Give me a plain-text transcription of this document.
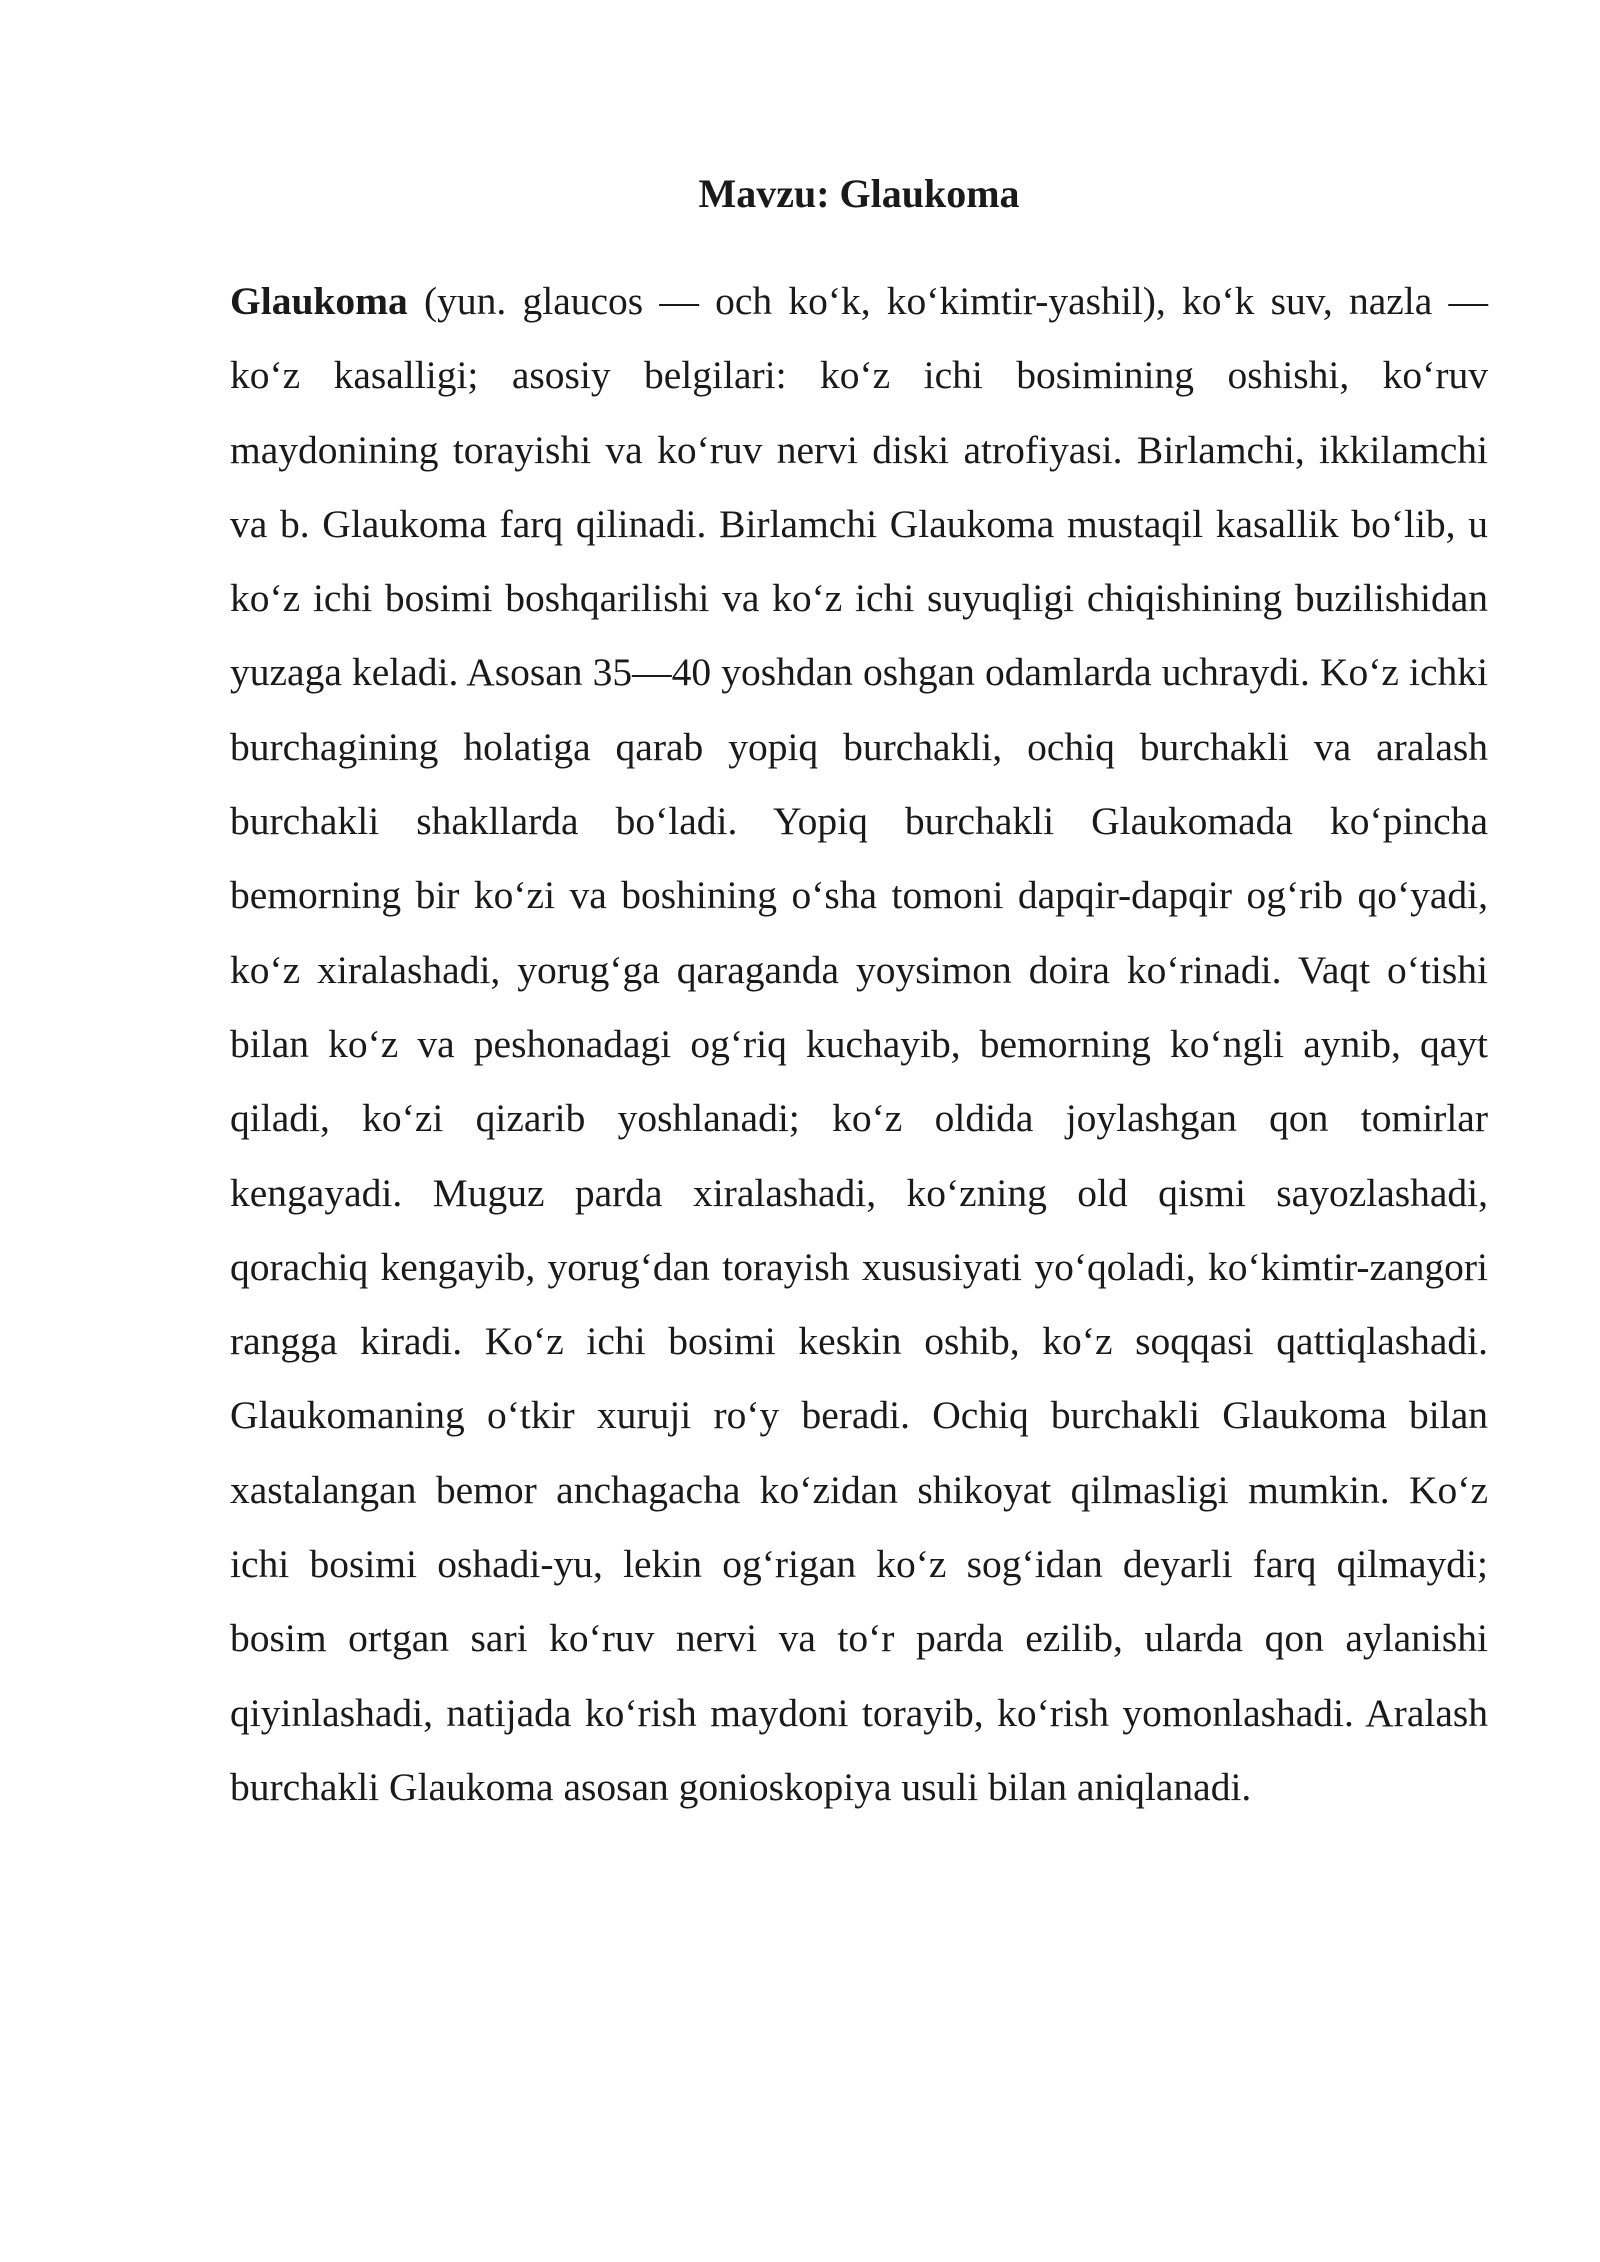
Mavzu: Glaukoma

Glaukoma (yun. glaucos — och koʻk, koʻkimtir-yashil), koʻk suv, nazla — koʻz kasalligi; asosiy belgilari: koʻz ichi bosimining oshishi, koʻruv maydonining torayishi va koʻruv nervi diski atrofiyasi. Birlamchi, ikkilamchi va b. Glaukoma farq qilinadi. Birlamchi Glaukoma mustaqil kasallik boʻlib, u koʻz ichi bosimi boshqarilishi va koʻz ichi suyuqligi chiqishining buzilishidan yuzaga keladi. Asosan 35—40 yoshdan oshgan odamlarda uchraydi. Koʻz ichki burchagining holatiga qarab yopiq burchakli, ochiq burchakli va aralash burchakli shakllarda boʻladi. Yopiq burchakli Glaukomada koʻpincha bemorning bir koʻzi va boshining oʻsha tomoni dapqir-dapqir ogʻrib qoʻyadi, koʻz xiralashadi, yorugʻga qaraganda yoysimon doira koʻrinadi. Vaqt oʻtishi bilan koʻz va peshonadagi ogʻriq kuchayib, bemorning koʻngli aynib, qayt qiladi, koʻzi qizarib yoshlanadi; koʻz oldida joylashgan qon tomirlar kengayadi. Muguz parda xiralashadi, koʻzning old qismi sayozlashadi, qorachiq kengayib, yorugʻdan torayish xususiyati yoʻqoladi, koʻkimtir-zangori rangga kiradi. Koʻz ichi bosimi keskin oshib, koʻz soqqasi qattiqlashadi. Glaukomaning oʻtkir xuruji roʻy beradi. Ochiq burchakli Glaukoma bilan xastalangan bemor anchagacha koʻzidan shikoyat qilmasligi mumkin. Koʻz ichi bosimi oshadi-yu, lekin ogʻrigan koʻz sogʻidan deyarli farq qilmaydi; bosim ortgan sari koʻruv nervi va toʻr parda ezilib, ularda qon aylanishi qiyinlashadi, natijada koʻrish maydoni torayib, koʻrish yomonlashadi. Aralash burchakli Glaukoma asosan gonioskopiya usuli bilan aniqlanadi.
